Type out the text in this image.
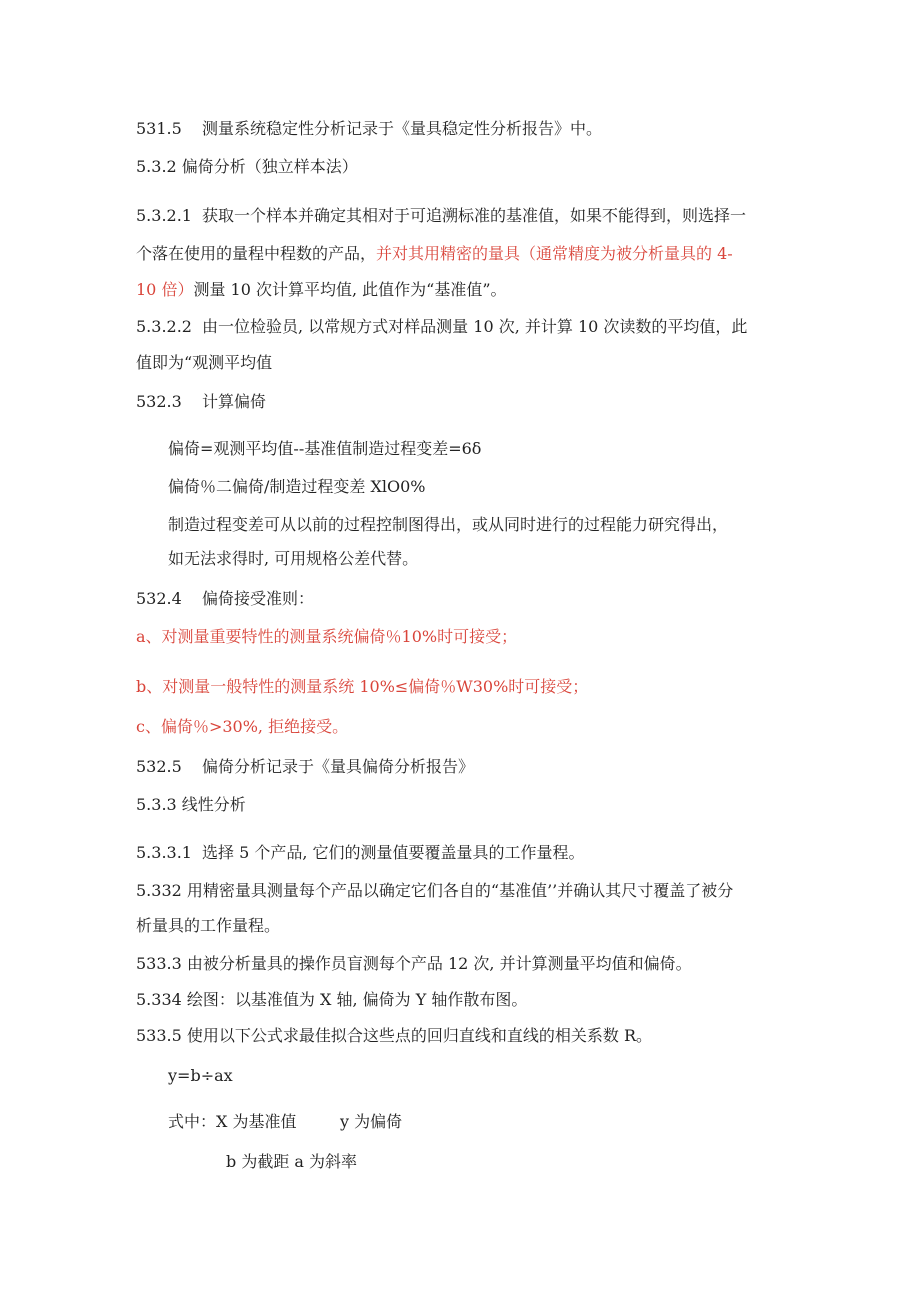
531.5 测量系统稳定性分析记录于《量具稳定性分析报告》中。
5.3.2 偏倚分析（独立样本法）
5.3.2.1 获取一个样本并确定其相对于可追溯标准的基准值，如果不能得到，则选择一
个落在使用的量程中程数的产品，并对其用精密的量具（通常精度为被分析量具的 4-
10 倍）测量 10 次计算平均值, 此值作为“基准值”。
5.3.2.2 由一位检验员, 以常规方式对样品测量 10 次, 并计算 10 次读数的平均值，此
值即为“观测平均值
532.3 计算偏倚
偏倚=观测平均值--基准值制造过程变差=6δ
偏倚％二偏倚/制造过程变差 XlO0%
制造过程变差可从以前的过程控制图得出，或从同时进行的过程能力研究得出，
如无法求得时, 可用规格公差代替。
532.4 偏倚接受准则：
a、对测量重要特性的测量系统偏倚％10%时可接受；
b、对测量一般特性的测量系统 10%≤偏倚％W30%时可接受；
c、偏倚％>30%, 拒绝接受。
532.5 偏倚分析记录于《量具偏倚分析报告》
5.3.3 线性分析
5.3.3.1 选择 5 个产品, 它们的测量值要覆盖量具的工作量程。
5.332 用精密量具测量每个产品以确定它们各自的“基准值’’并确认其尺寸覆盖了被分
析量具的工作量程。
533.3 由被分析量具的操作员盲测每个产品 12 次, 并计算测量平均值和偏倚。
5.334 绘图：以基准值为 X 轴, 偏倚为 Y 轴作散布图。
533.5 使用以下公式求最佳拟合这些点的回归直线和直线的相关系数 R。
y=b÷ax
式中：X 为基准值	y 为偏倚
b 为截距 a 为斜率
